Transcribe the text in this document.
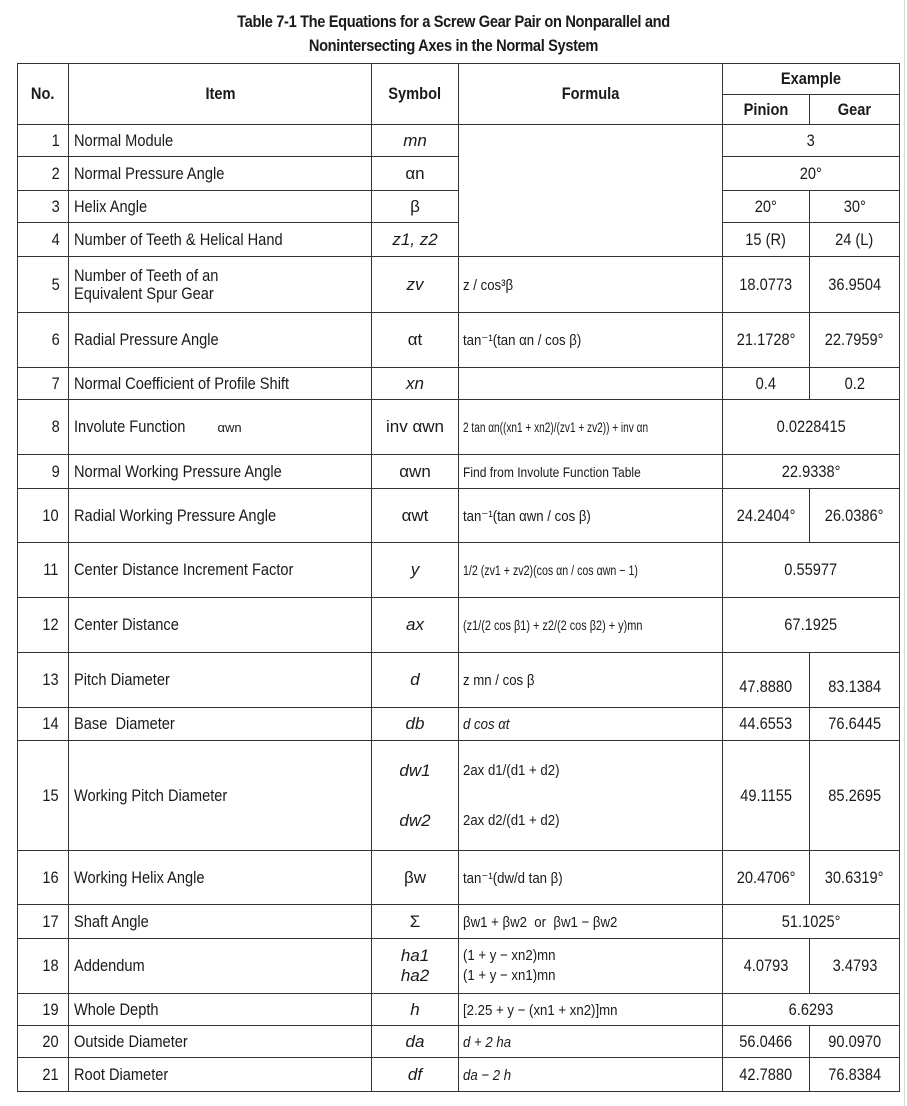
Table 7-1 The Equations for a Screw Gear Pair on Nonparallel and
Nonintersecting Axes in the Normal System
No.	Item	Symbol	Formula	Example	
				Pinion	Gear
1	Normal Module	mn		3	
2	Normal Pressure Angle	αn		20°	
3	Helix Angle	β		20°	30°
4	Number of Teeth & Helical Hand	z1, z2		15 (R)	24 (L)
5	Number of Teeth of an
Equivalent Spur Gear	zv	z / cos³β	18.0773	36.9504
6	Radial Pressure Angle	αt	tan⁻¹(tan αn / cos β)	21.1728°	22.7959°
7	Normal Coefficient of Profile Shift	xn		0.4	0.2
8	Involute Function αwn	inv αwn	2 tan αn((xn1 + xn2)/(zv1 + zv2)) + inv αn	0.0228415	
9	Normal Working Pressure Angle	αwn	Find from Involute Function Table	22.9338°	
10	Radial Working Pressure Angle	αwt	tan⁻¹(tan αwn / cos β)	24.2404°	26.0386°
11	Center Distance Increment Factor	y	1/2 (zv1 + zv2)(cos αn / cos αwn − 1)	0.55977	
12	Center Distance	ax	(z1/(2 cos β1) + z2/(2 cos β2) + y)mn	67.1925	
13	Pitch Diameter	d	z mn / cos β	47.8880	83.1384
14	Base  Diameter	db	d cos αt	44.6553	76.6445
15	Working Pitch Diameter	dw1
dw2	2ax d1/(d1 + d2)
2ax d2/(d1 + d2)	49.1155	85.2695
16	Working Helix Angle	βw	tan⁻¹(dw/d tan β)	20.4706°	30.6319°
17	Shaft Angle	Σ	βw1 + βw2  or  βw1 − βw2	51.1025°	
18	Addendum	ha1
ha2	(1 + y − xn2)mn
(1 + y − xn1)mn	4.0793	3.4793
19	Whole Depth	h	[2.25 + y − (xn1 + xn2)]mn	6.6293	
20	Outside Diameter	da	d + 2 ha	56.0466	90.0970
21	Root Diameter	df	da − 2 h	42.7880	76.8384
